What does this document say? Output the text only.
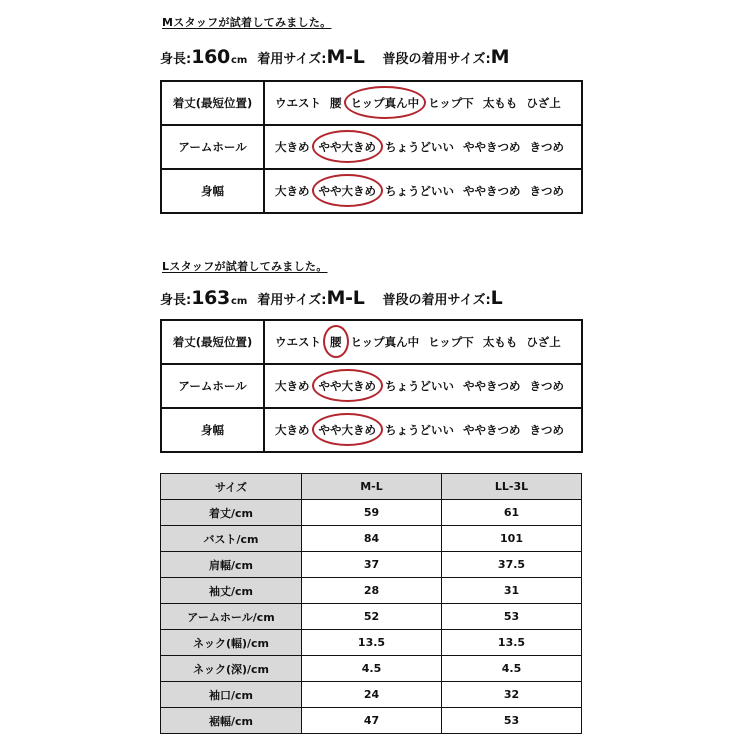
Mスタッフが試着してみました。
身長: 160 cm 着用サイズ: M-L 普段の着用サイズ: M
着丈(最短位置)	ウエスト 腰 ヒップ真ん中 ヒップ下 太もも ひざ上
アームホール	大きめ やや大きめ ちょうどいい ややきつめ きつめ
身幅	大きめ やや大きめ ちょうどいい ややきつめ きつめ
Lスタッフが試着してみました。
身長: 163 cm 着用サイズ: M-L 普段の着用サイズ: L
着丈(最短位置)	ウエスト 腰 ヒップ真ん中 ヒップ下 太もも ひざ上
アームホール	大きめ やや大きめ ちょうどいい ややきつめ きつめ
身幅	大きめ やや大きめ ちょうどいい ややきつめ きつめ
サイズ	M-L	LL-3L
着丈/cm	59	61
バスト/cm	84	101
肩幅/cm	37	37.5
袖丈/cm	28	31
アームホール/cm	52	53
ネック(幅)/cm	13.5	13.5
ネック(深)/cm	4.5	4.5
袖口/cm	24	32
裾幅/cm	47	53
